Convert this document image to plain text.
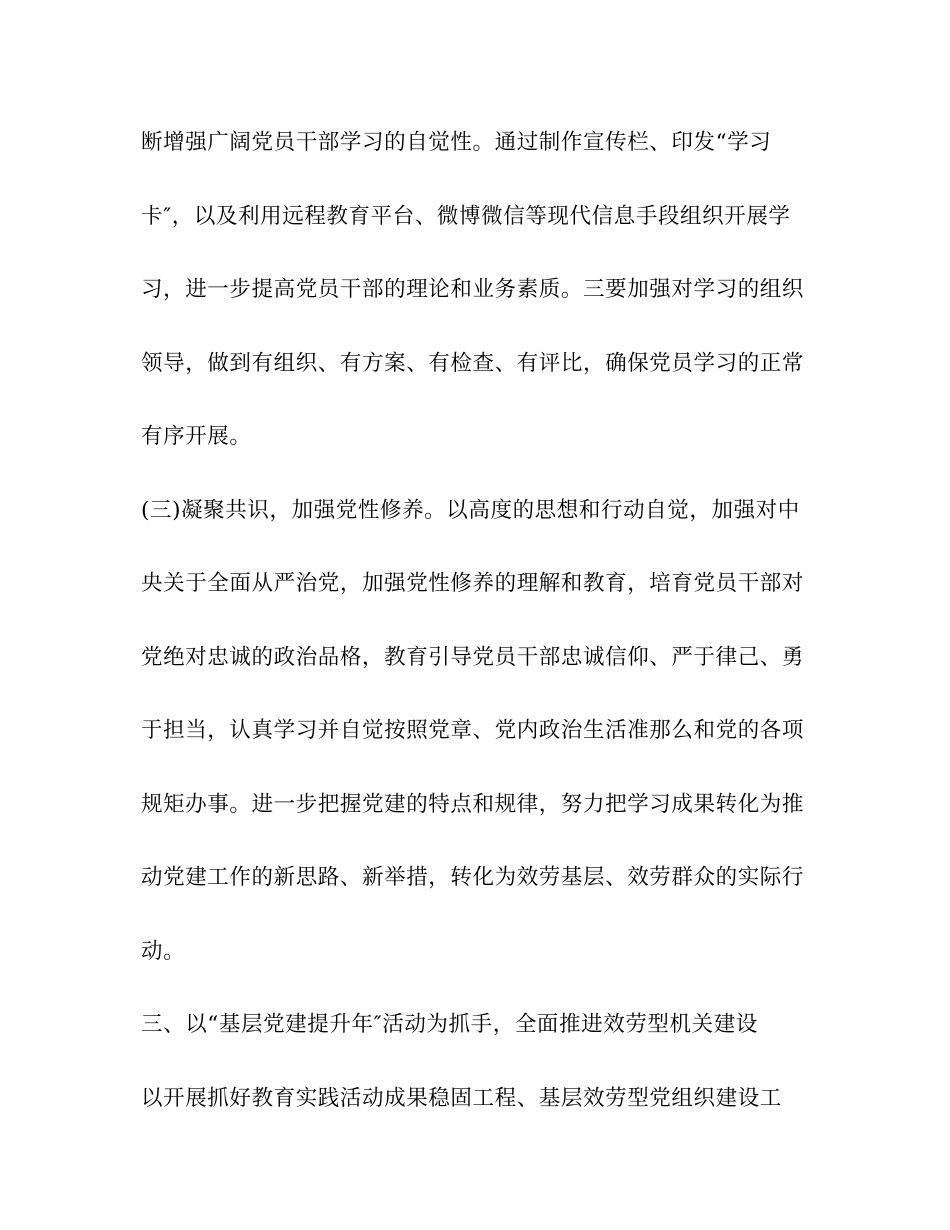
断增强广阔党员干部学习的自觉性。通过制作宣传栏、印发“学习
卡″，以及利用远程教育平台、微博微信等现代信息手段组织开展学
习，进一步提高党员干部的理论和业务素质。三要加强对学习的组织
领导，做到有组织、有方案、有检查、有评比，确保党员学习的正常
有序开展。
(三)凝聚共识，加强党性修养。以高度的思想和行动自觉，加强对中
央关于全面从严治党，加强党性修养的理解和教育，培育党员干部对
党绝对忠诚的政治品格，教育引导党员干部忠诚信仰、严于律己、勇
于担当，认真学习并自觉按照党章、党内政治生活准那么和党的各项
规矩办事。进一步把握党建的特点和规律，努力把学习成果转化为推
动党建工作的新思路、新举措，转化为效劳基层、效劳群众的实际行
动。
三、以“基层党建提升年″活动为抓手，全面推进效劳型机关建设
以开展抓好教育实践活动成果稳固工程、基层效劳型党组织建设工
